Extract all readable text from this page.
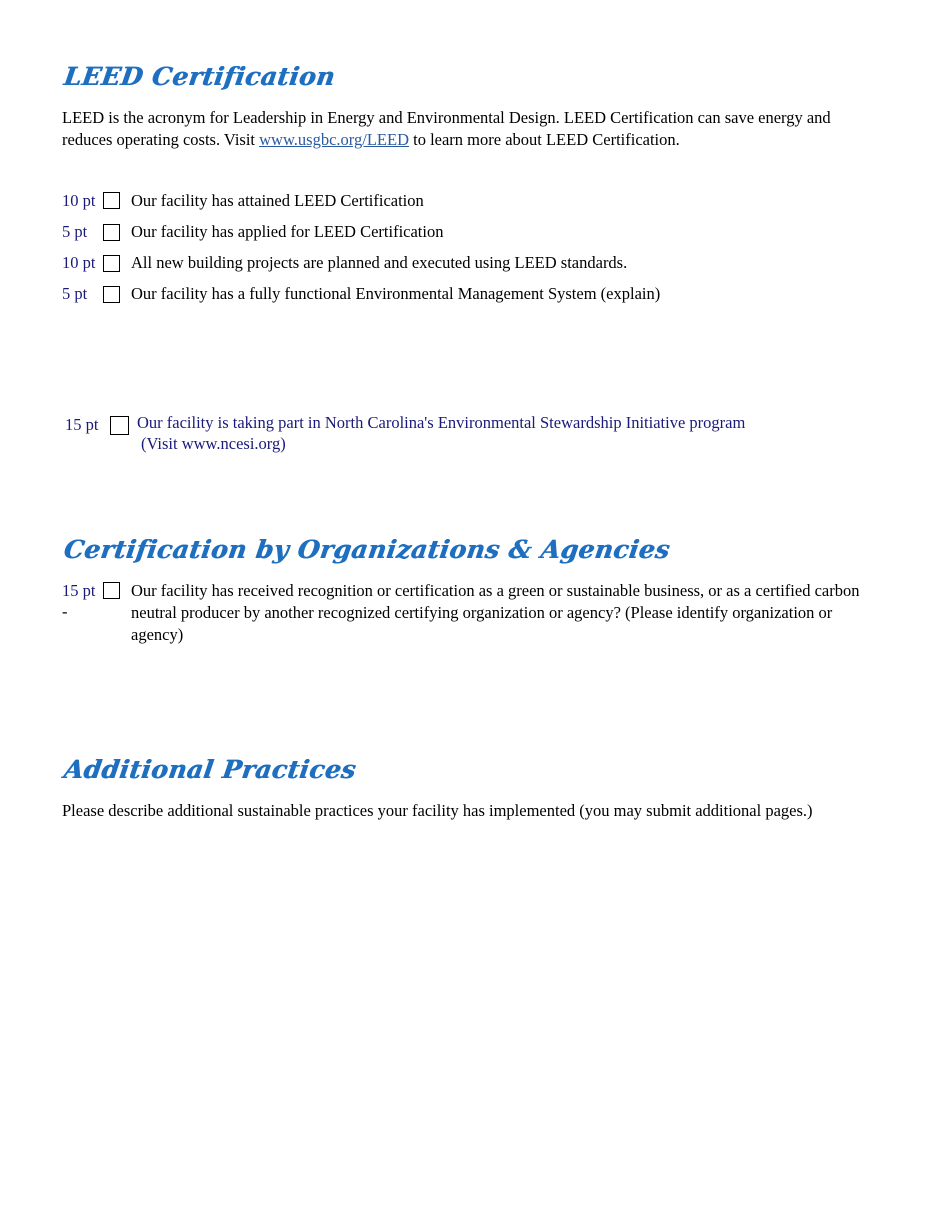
LEED Certification
LEED is the acronym for Leadership in Energy and Environmental Design. LEED Certification can save energy and
reduces operating costs. Visit www.usgbc.org/LEED to learn more about LEED Certification.
10 pt Our facility has attained LEED Certification
5 pt	Our facility has applied for LEED Certification
10 pt All new building projects are planned and executed using LEED standards.
5 pt	Our facility has a fully functional Environmental Management System (explain)
15 pt Our facility is taking part in North Carolina's Environmental Stewardship Initiative program
(Visit www.ncesi.org)
Certification by Organizations & Agencies
15 pt Our facility has received recognition or certification as a green or sustainable business, or as a certified carbon
neutral producer by another recognized certifying organization or agency? (Please identify organization or
agency)
-
Additional Practices
Please describe additional sustainable practices your facility has implemented (you may submit additional pages.)
